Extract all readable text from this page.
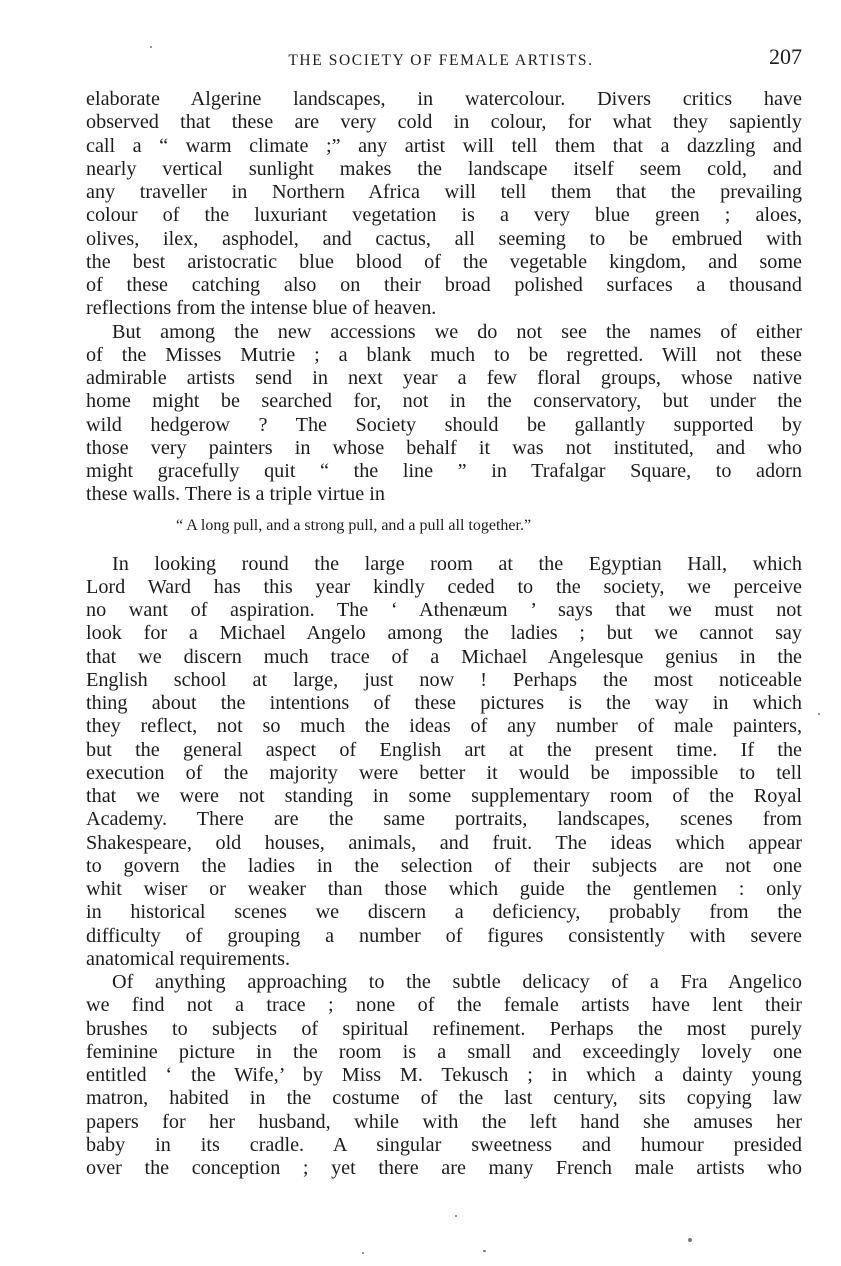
THE SOCIETY OF FEMALE ARTISTS.	207
elaborate Algerine landscapes, in watercolour. Divers critics have
observed that these are very cold in colour, for what they sapiently
call a “ warm climate ;” any artist will tell them that a dazzling and
nearly vertical sunlight makes the landscape itself seem cold, and
any traveller in Northern Africa will tell them that the prevailing
colour of the luxuriant vegetation is a very blue green ; aloes,
olives, ilex, asphodel, and cactus, all seeming to be embrued with
the best aristocratic blue blood of the vegetable kingdom, and some
of these catching also on their broad polished surfaces a thousand
reflections from the intense blue of heaven.
But among the new accessions we do not see the names of either
of the Misses Mutrie ; a blank much to be regretted. Will not these
admirable artists send in next year a few floral groups, whose native
home might be searched for, not in the conservatory, but under the
wild hedgerow ? The Society should be gallantly supported by
those very painters in whose behalf it was not instituted, and who
might gracefully quit “ the line ” in Trafalgar Square, to adorn
these walls. There is a triple virtue in
“ A long pull, and a strong pull, and a pull all together.”
In looking round the large room at the Egyptian Hall, which
Lord Ward has this year kindly ceded to the society, we perceive
no want of aspiration. The ‘ Athenæum ’ says that we must not
look for a Michael Angelo among the ladies ; but we cannot say
that we discern much trace of a Michael Angelesque genius in the
English school at large, just now ! Perhaps the most noticeable
thing about the intentions of these pictures is the way in which
they reflect, not so much the ideas of any number of male painters,
but the general aspect of English art at the present time. If the
execution of the majority were better it would be impossible to tell
that we were not standing in some supplementary room of the Royal
Academy. There are the same portraits, landscapes, scenes from
Shakespeare, old houses, animals, and fruit. The ideas which appear
to govern the ladies in the selection of their subjects are not one
whit wiser or weaker than those which guide the gentlemen : only
in historical scenes we discern a deficiency, probably from the
difficulty of grouping a number of figures consistently with severe
anatomical requirements.
Of anything approaching to the subtle delicacy of a Fra Angelico
we find not a trace ; none of the female artists have lent their
brushes to subjects of spiritual refinement. Perhaps the most purely
feminine picture in the room is a small and exceedingly lovely one
entitled ‘ the Wife,’ by Miss M. Tekusch ; in which a dainty young
matron, habited in the costume of the last century, sits copying law
papers for her husband, while with the left hand she amuses her
baby in its cradle. A singular sweetness and humour presided
over the conception ; yet there are many French male artists who
